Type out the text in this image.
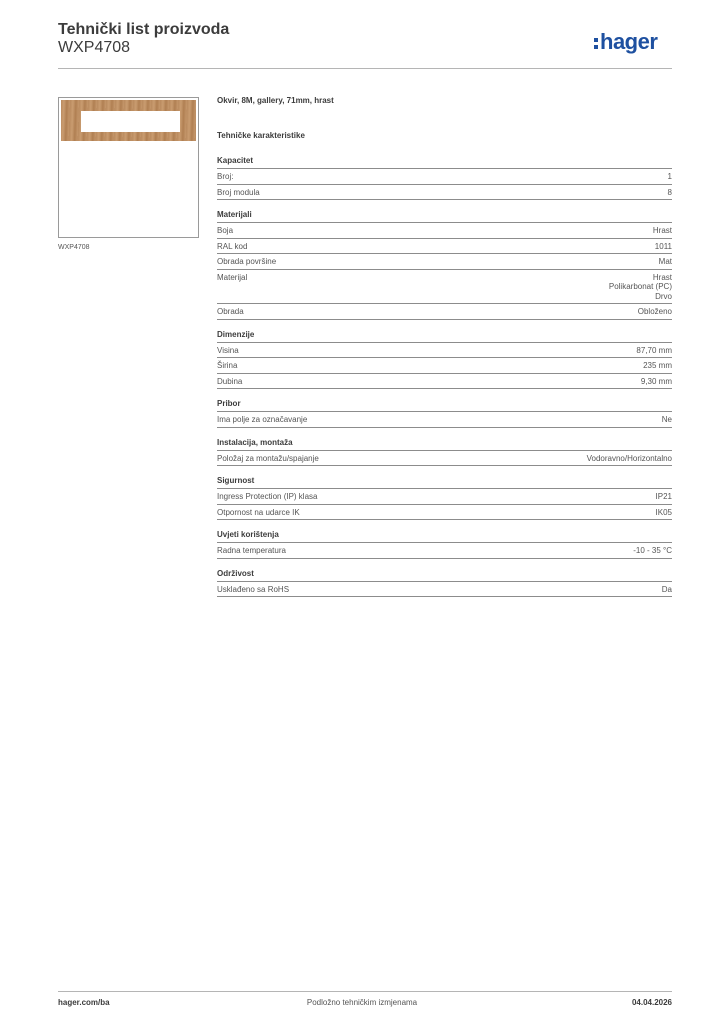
Tehnički list proizvoda
WXP4708	hager
WXP4708
Okvir, 8M, gallery, 71mm, hrast
Tehničke karakteristike
Kapacitet
Broj:	1
Broj modula	8
Materijali
Boja	Hrast
RAL kod	1011
Obrada površine	Mat
Materijal	Hrast
Polikarbonat (PC)
Drvo
Obrada	Obloženo
Dimenzije
Visina	87,70 mm
Širina	235 mm
Dubina	9,30 mm
Pribor
Ima polje za označavanje	Ne
Instalacija, montaža
Položaj za montažu/spajanje	Vodoravno/Horizontalno
Sigurnost
Ingress Protection (IP) klasa	IP21
Otpornost na udarce IK	IK05
Uvjeti korištenja
Radna temperatura	-10 - 35 °C
Održivost
Usklađeno sa RoHS	Da
hager.com/ba	Podložno tehničkim izmjenama	04.04.2026
